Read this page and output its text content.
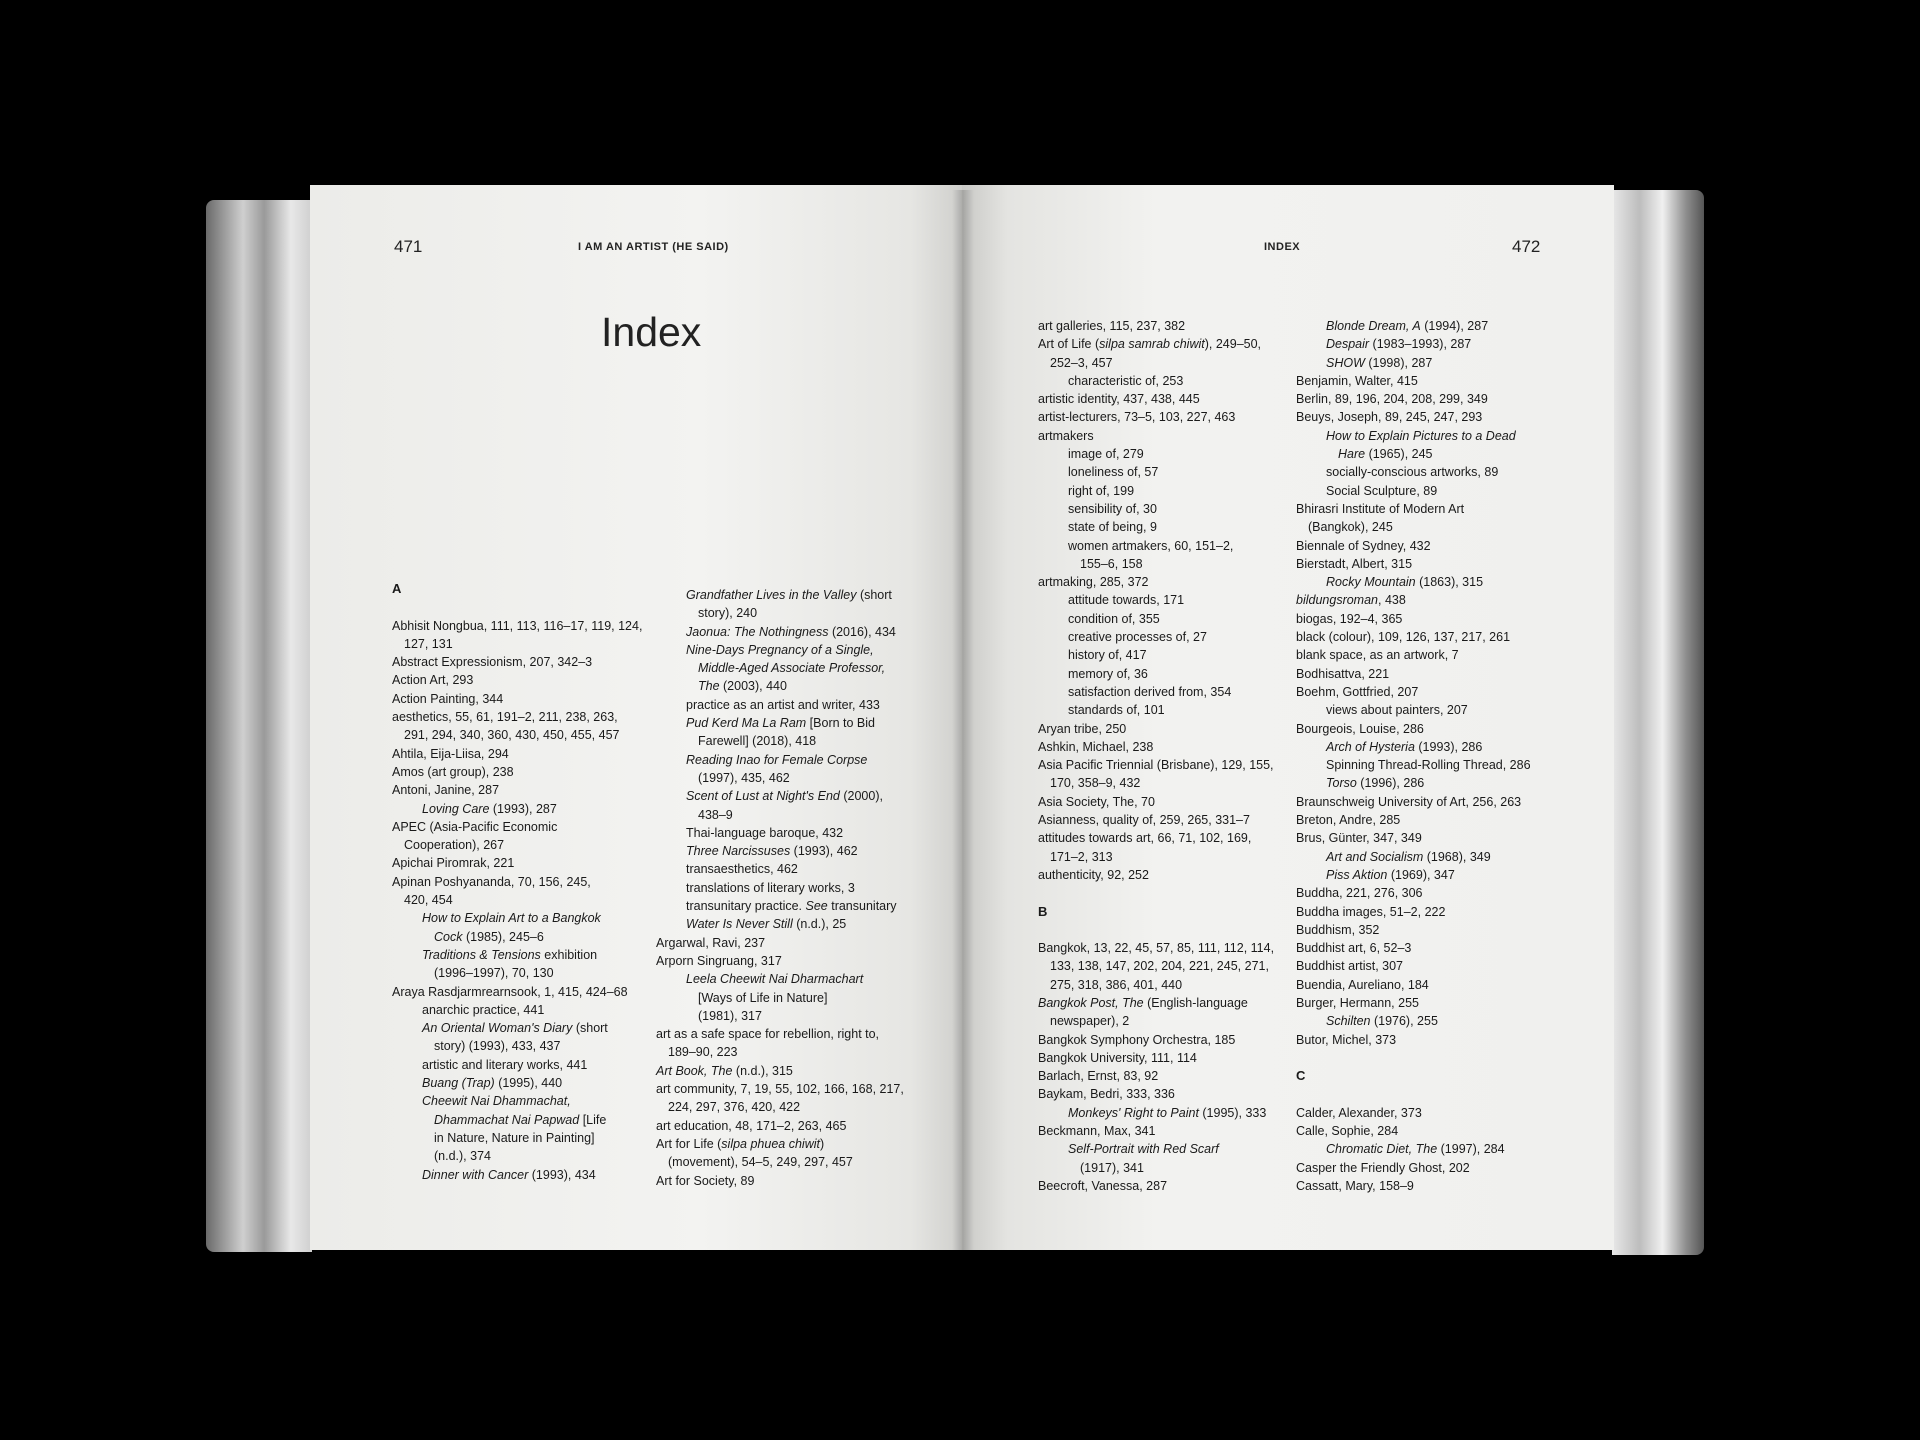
471	I AM AN ARTIST (HE SAID)
Index
A
Abhisit Nongbua, 111, 113, 116–17, 119, 124,
127, 131
Abstract Expressionism, 207, 342–3
Action Art, 293
Action Painting, 344
aesthetics, 55, 61, 191–2, 211, 238, 263,
291, 294, 340, 360, 430, 450, 455, 457
Ahtila, Eija-Liisa, 294
Amos (art group), 238
Antoni, Janine, 287
Loving Care (1993), 287
APEC (Asia-Pacific Economic
Cooperation), 267
Apichai Piromrak, 221
Apinan Poshyananda, 70, 156, 245,
420, 454
How to Explain Art to a Bangkok
Cock (1985), 245–6
Traditions & Tensions exhibition
(1996–1997), 70, 130
Araya Rasdjarmrearnsook, 1, 415, 424–68
anarchic practice, 441
An Oriental Woman's Diary (short
story) (1993), 433, 437
artistic and literary works, 441
Buang (Trap) (1995), 440
Cheewit Nai Dhammachat,
Dhammachat Nai Papwad [Life
in Nature, Nature in Painting]
(n.d.), 374
Dinner with Cancer (1993), 434
Grandfather Lives in the Valley (short
story), 240
Jaonua: The Nothingness (2016), 434
Nine-Days Pregnancy of a Single,
Middle-Aged Associate Professor,
The (2003), 440
practice as an artist and writer, 433
Pud Kerd Ma La Ram [Born to Bid
Farewell] (2018), 418
Reading Inao for Female Corpse
(1997), 435, 462
Scent of Lust at Night's End (2000),
438–9
Thai-language baroque, 432
Three Narcissuses (1993), 462
transaesthetics, 462
translations of literary works, 3
transunitary practice. See transunitary
Water Is Never Still (n.d.), 25
Argarwal, Ravi, 237
Arporn Singruang, 317
Leela Cheewit Nai Dharmachart
[Ways of Life in Nature]
(1981), 317
art as a safe space for rebellion, right to,
189–90, 223
Art Book, The (n.d.), 315
art community, 7, 19, 55, 102, 166, 168, 217,
224, 297, 376, 420, 422
art education, 48, 171–2, 263, 465
Art for Life (silpa phuea chiwit)
(movement), 54–5, 249, 297, 457
Art for Society, 89
INDEX	472
art galleries, 115, 237, 382
Art of Life (silpa samrab chiwit), 249–50,
252–3, 457
characteristic of, 253
artistic identity, 437, 438, 445
artist-lecturers, 73–5, 103, 227, 463
artmakers
image of, 279
loneliness of, 57
right of, 199
sensibility of, 30
state of being, 9
women artmakers, 60, 151–2,
155–6, 158
artmaking, 285, 372
attitude towards, 171
condition of, 355
creative processes of, 27
history of, 417
memory of, 36
satisfaction derived from, 354
standards of, 101
Aryan tribe, 250
Ashkin, Michael, 238
Asia Pacific Triennial (Brisbane), 129, 155,
170, 358–9, 432
Asia Society, The, 70
Asianness, quality of, 259, 265, 331–7
attitudes towards art, 66, 71, 102, 169,
171–2, 313
authenticity, 92, 252
B
Bangkok, 13, 22, 45, 57, 85, 111, 112, 114,
133, 138, 147, 202, 204, 221, 245, 271,
275, 318, 386, 401, 440
Bangkok Post, The (English-language
newspaper), 2
Bangkok Symphony Orchestra, 185
Bangkok University, 111, 114
Barlach, Ernst, 83, 92
Baykam, Bedri, 333, 336
Monkeys' Right to Paint (1995), 333
Beckmann, Max, 341
Self-Portrait with Red Scarf
(1917), 341
Beecroft, Vanessa, 287
Blonde Dream, A (1994), 287
Despair (1983–1993), 287
SHOW (1998), 287
Benjamin, Walter, 415
Berlin, 89, 196, 204, 208, 299, 349
Beuys, Joseph, 89, 245, 247, 293
How to Explain Pictures to a Dead
Hare (1965), 245
socially-conscious artworks, 89
Social Sculpture, 89
Bhirasri Institute of Modern Art
(Bangkok), 245
Biennale of Sydney, 432
Bierstadt, Albert, 315
Rocky Mountain (1863), 315
bildungsroman, 438
biogas, 192–4, 365
black (colour), 109, 126, 137, 217, 261
blank space, as an artwork, 7
Bodhisattva, 221
Boehm, Gottfried, 207
views about painters, 207
Bourgeois, Louise, 286
Arch of Hysteria (1993), 286
Spinning Thread-Rolling Thread, 286
Torso (1996), 286
Braunschweig University of Art, 256, 263
Breton, Andre, 285
Brus, Günter, 347, 349
Art and Socialism (1968), 349
Piss Aktion (1969), 347
Buddha, 221, 276, 306
Buddha images, 51–2, 222
Buddhism, 352
Buddhist art, 6, 52–3
Buddhist artist, 307
Buendia, Aureliano, 184
Burger, Hermann, 255
Schilten (1976), 255
Butor, Michel, 373
C
Calder, Alexander, 373
Calle, Sophie, 284
Chromatic Diet, The (1997), 284
Casper the Friendly Ghost, 202
Cassatt, Mary, 158–9
